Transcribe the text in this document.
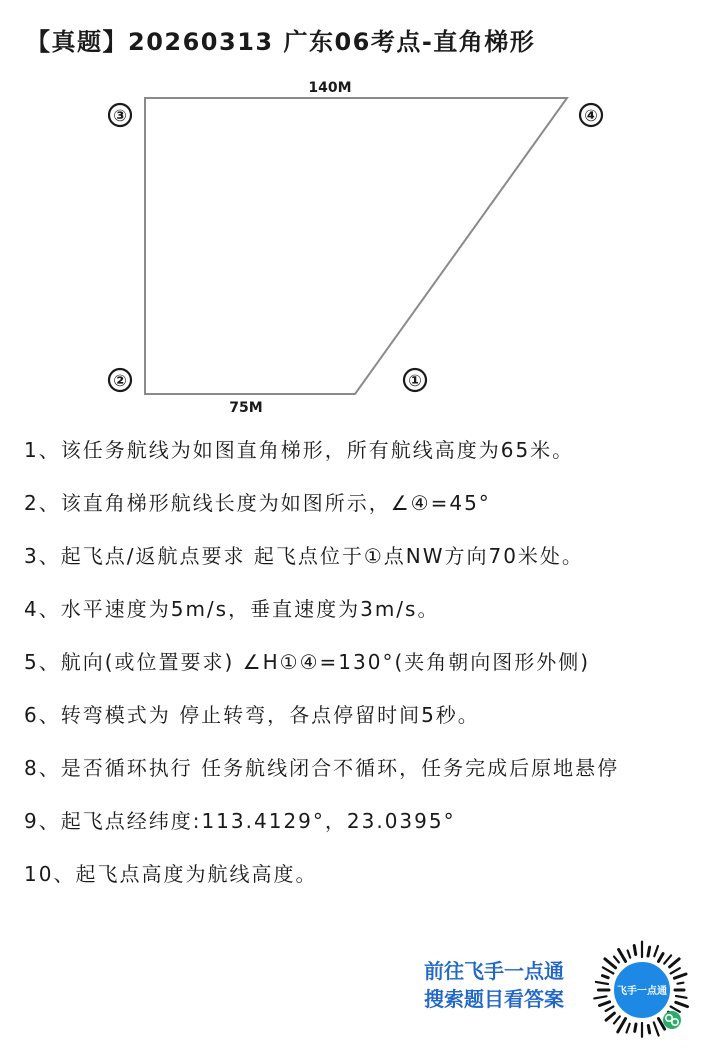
【真题】20260313 广东06考点-直角梯形
140M
75M
③	④
②	①
1、该任务航线为如图直角梯形，所有航线高度为65米。
2、该直角梯形航线长度为如图所示，∠④=45°
3、起飞点/返航点要求 起飞点位于①点NW方向70米处。
4、水平速度为5m/s，垂直速度为3m/s。
5、航向(或位置要求) ∠H①④=130°(夹角朝向图形外侧)
6、转弯模式为 停止转弯，各点停留时间5秒。
8、是否循环执行 任务航线闭合不循环，任务完成后原地悬停
9、起飞点经纬度:113.4129°，23.0395°
10、起飞点高度为航线高度。
前往飞手一点通
搜索题目看答案	飞手一点通
